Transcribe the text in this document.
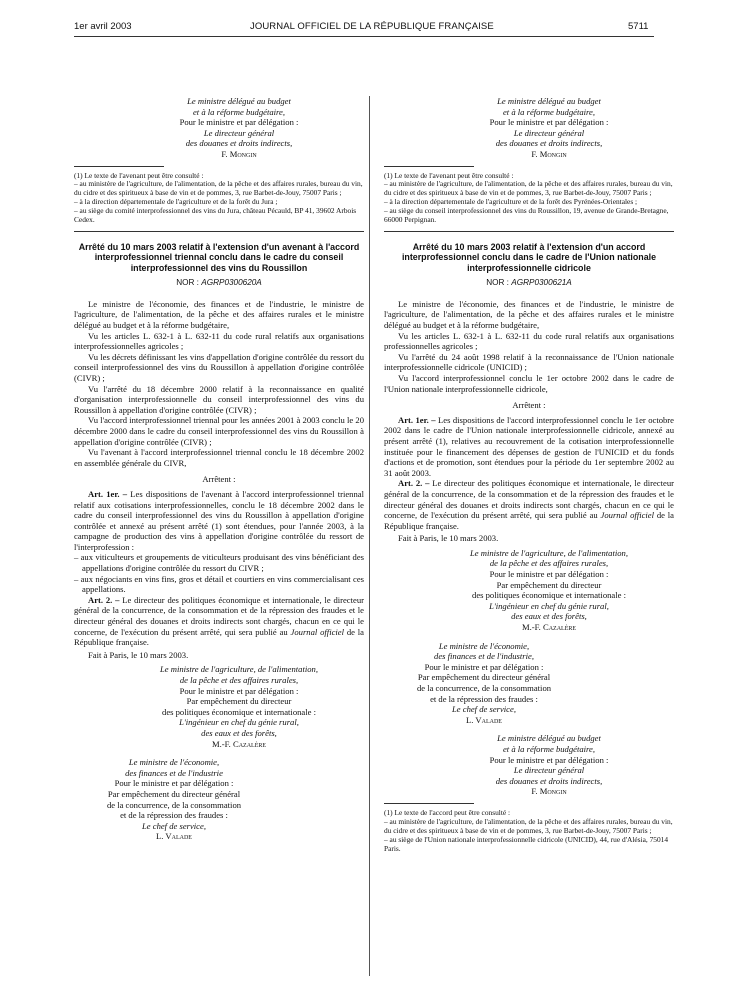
1er avril 2003	JOURNAL OFFICIEL DE LA RÉPUBLIQUE FRANÇAISE	5711
Le ministre délégué au budget
et à la réforme budgétaire,
Pour le ministre et par délégation :
Le directeur général
des douanes et droits indirects,
F. Mongin

(1) Le texte de l'avenant peut être consulté :

– au ministère de l'agriculture, de l'alimentation, de la pêche et des affaires rurales, bureau du vin, du cidre et des spiritueux à base de vin et de pommes, 3, rue Barbet-de-Jouy, 75007 Paris ;

– à la direction départementale de l'agriculture et de la forêt du Jura ;

– au siège du comité interprofessionnel des vins du Jura, château Pécauld, BP 41, 39602 Arbois Cedex.

Arrêté du 10 mars 2003 relatif à l'extension d'un avenant à l'accord interprofessionnel triennal conclu dans le cadre du conseil interprofessionnel des vins du Roussillon
NOR : AGRP0300620A

Le ministre de l'économie, des finances et de l'industrie, le ministre de l'agriculture, de l'alimentation, de la pêche et des affaires rurales et le ministre délégué au budget et à la réforme budgétaire,

Vu les articles L. 632-1 à L. 632-11 du code rural relatifs aux organisations interprofessionnelles agricoles ;

Vu les décrets définissant les vins d'appellation d'origine contrôlée du ressort du conseil interprofessionnel des vins du Roussillon à appellation d'origine contrôlée (CIVR) ;

Vu l'arrêté du 18 décembre 2000 relatif à la reconnaissance en qualité d'organisation interprofessionnelle du conseil interprofessionnel des vins du Roussillon à appellation d'origine contrôlée (CIVR) ;

Vu l'accord interprofessionnel triennal pour les années 2001 à 2003 conclu le 20 décembre 2000 dans le cadre du conseil interprofessionnel des vins du Roussillon à appellation d'origine contrôlée (CIVR) ;

Vu l'avenant à l'accord interprofessionnel triennal conclu le 18 décembre 2002 en assemblée générale du CIVR,

Arrêtent :

Art. 1er. – Les dispositions de l'avenant à l'accord interprofessionnel triennal relatif aux cotisations interprofessionnelles, conclu le 18 décembre 2002 dans le cadre du conseil interprofessionnel des vins du Roussillon à appellation d'origine contrôlée et annexé au présent arrêté (1) sont étendues, pour l'année 2003, à la campagne de production des vins à appellation d'origine contrôlée du ressort de l'interprofession :

– aux viticulteurs et groupements de viticulteurs produisant des vins bénéficiant des appellations d'origine contrôlée du ressort du CIVR ;
– aux négociants en vins fins, gros et détail et courtiers en vins commercialisant ces appellations.

Art. 2. – Le directeur des politiques économique et internationale, le directeur général de la concurrence, de la consommation et de la répression des fraudes et le directeur général des douanes et droits indirects sont chargés, chacun en ce qui le concerne, de l'exécution du présent arrêté, qui sera publié au Journal officiel de la République française.

Fait à Paris, le 10 mars 2003.

Le ministre de l'agriculture, de l'alimentation,
de la pêche et des affaires rurales,
Pour le ministre et par délégation :
Par empêchement du directeur
des politiques économique et internationale :
L'ingénieur en chef du génie rural,
des eaux et des forêts,
M.-F. Cazalère
Le ministre de l'économie,
des finances et de l'industrie
Pour le ministre et par délégation :
Par empêchement du directeur général
de la concurrence, de la consommation
et de la répression des fraudes :
Le chef de service,
L. Valade
Le ministre délégué au budget
et à la réforme budgétaire,
Pour le ministre et par délégation :
Le directeur général
des douanes et droits indirects,
F. Mongin

(1) Le texte de l'avenant peut être consulté :

– au ministère de l'agriculture, de l'alimentation, de la pêche et des affaires rurales, bureau du vin, du cidre et des spiritueux à base de vin et de pommes, 3, rue Barbet-de-Jouy, 75007 Paris ;

– à la direction départementale de l'agriculture et de la forêt des Pyrénées-Orientales ;

– au siège du conseil interprofessionnel des vins du Roussillon, 19, avenue de Grande-Bretagne, 66000 Perpignan.

Arrêté du 10 mars 2003 relatif à l'extension d'un accord interprofessionnel conclu dans le cadre de l'Union nationale interprofessionnelle cidricole
NOR : AGRP0300621A

Le ministre de l'économie, des finances et de l'industrie, le ministre de l'agriculture, de l'alimentation, de la pêche et des affaires rurales et le ministre délégué au budget et à la réforme budgétaire,

Vu les articles L. 632-1 à L. 632-11 du code rural relatifs aux organisations professionnelles agricoles ;

Vu l'arrêté du 24 août 1998 relatif à la reconnaissance de l'Union nationale interprofessionnelle cidricole (UNICID) ;

Vu l'accord interprofessionnel conclu le 1er octobre 2002 dans le cadre de l'Union nationale interprofessionnelle cidricole,

Arrêtent :

Art. 1er. – Les dispositions de l'accord interprofessionnel conclu le 1er octobre 2002 dans le cadre de l'Union nationale interprofessionnelle cidricole, annexé au présent arrêté (1), relatives au recouvrement de la cotisation interprofessionnelle instituée pour le financement des dépenses de gestion de l'UNICID et du fonds d'actions et de promotion, sont étendues pour la période du 1er septembre 2002 au 31 août 2003.

Art. 2. – Le directeur des politiques économique et internationale, le directeur général de la concurrence, de la consommation et de la répression des fraudes et le directeur général des douanes et droits indirects sont chargés, chacun en ce qui le concerne, de l'exécution du présent arrêté, qui sera publié au Journal officiel de la République française.

Fait à Paris, le 10 mars 2003.

Le ministre de l'agriculture, de l'alimentation,
de la pêche et des affaires rurales,
Pour le ministre et par délégation :
Par empêchement du directeur
des politiques économique et internationale :
L'ingénieur en chef du génie rural,
des eaux et des forêts,
M.-F. Cazalère
Le ministre de l'économie,
des finances et de l'industrie,
Pour le ministre et par délégation :
Par empêchement du directeur général
de la concurrence, de la consommation
et de la répression des fraudes :
Le chef de service,
L. Valade
Le ministre délégué au budget
et à la réforme budgétaire,
Pour le ministre et par délégation :
Le directeur général
des douanes et droits indirects,
F. Mongin

(1) Le texte de l'accord peut être consulté :

– au ministère de l'agriculture, de l'alimentation, de la pêche et des affaires rurales, bureau du vin, du cidre et des spiritueux à base de vin et de pommes, 3, rue Barbet-de-Jouy, 75007 Paris ;

– au siège de l'Union nationale interprofessionnelle cidricole (UNICID), 44, rue d'Alésia, 75014 Paris.
